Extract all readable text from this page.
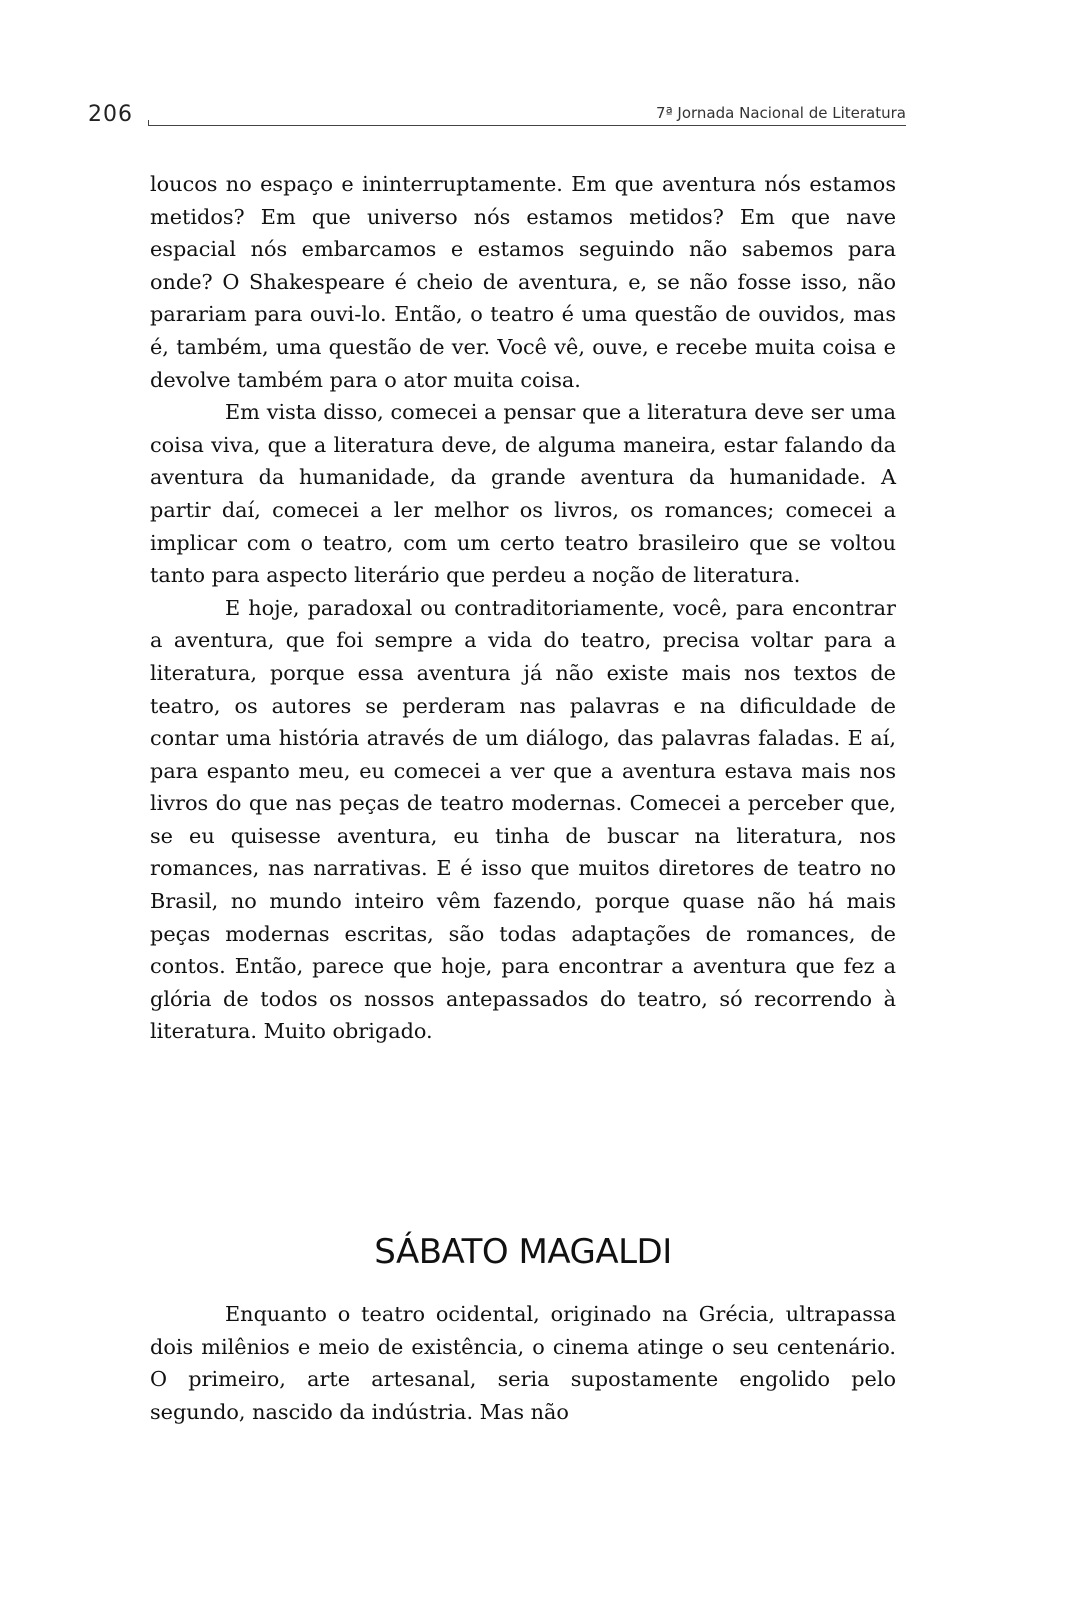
206	7ª Jornada Nacional de Literatura

loucos no espaço e ininterruptamente. Em que aventura nós estamos metidos? Em que universo nós estamos metidos? Em que nave espacial nós embarcamos e estamos seguindo não sabemos para onde? O Shakespeare é cheio de aventura, e, se não fosse isso, não parariam para ouvi-lo. Então, o teatro é uma questão de ouvidos, mas é, também, uma questão de ver. Você vê, ouve, e recebe muita coisa e devolve também para o ator muita coisa.

Em vista disso, comecei a pensar que a literatura deve ser uma coisa viva, que a literatura deve, de alguma maneira, estar falando da aventura da humanidade, da grande aventura da humanidade. A partir daí, comecei a ler melhor os livros, os romances; comecei a implicar com o teatro, com um certo teatro brasileiro que se voltou tanto para aspecto literário que perdeu a noção de literatura.

E hoje, paradoxal ou contraditoriamente, você, para encontrar a aventura, que foi sempre a vida do teatro, precisa voltar para a literatura, porque essa aventura já não existe mais nos textos de teatro, os autores se perderam nas palavras e na dificuldade de contar uma história através de um diálogo, das palavras faladas. E aí, para espanto meu, eu comecei a ver que a aventura estava mais nos livros do que nas peças de teatro modernas. Comecei a perceber que, se eu quisesse aventura, eu tinha de buscar na literatura, nos romances, nas narrativas. E é isso que muitos diretores de teatro no Brasil, no mundo inteiro vêm fazendo, porque quase não há mais peças modernas escritas, são todas adaptações de romances, de contos. Então, parece que hoje, para encontrar a aventura que fez a glória de todos os nossos antepassados do teatro, só recorrendo à literatura. Muito obrigado.

SÁBATO MAGALDI

Enquanto o teatro ocidental, originado na Grécia, ultrapassa dois milênios e meio de existência, o cinema atinge o seu centenário. O primeiro, arte artesanal, seria supostamente engolido pelo segundo, nascido da indústria. Mas não
